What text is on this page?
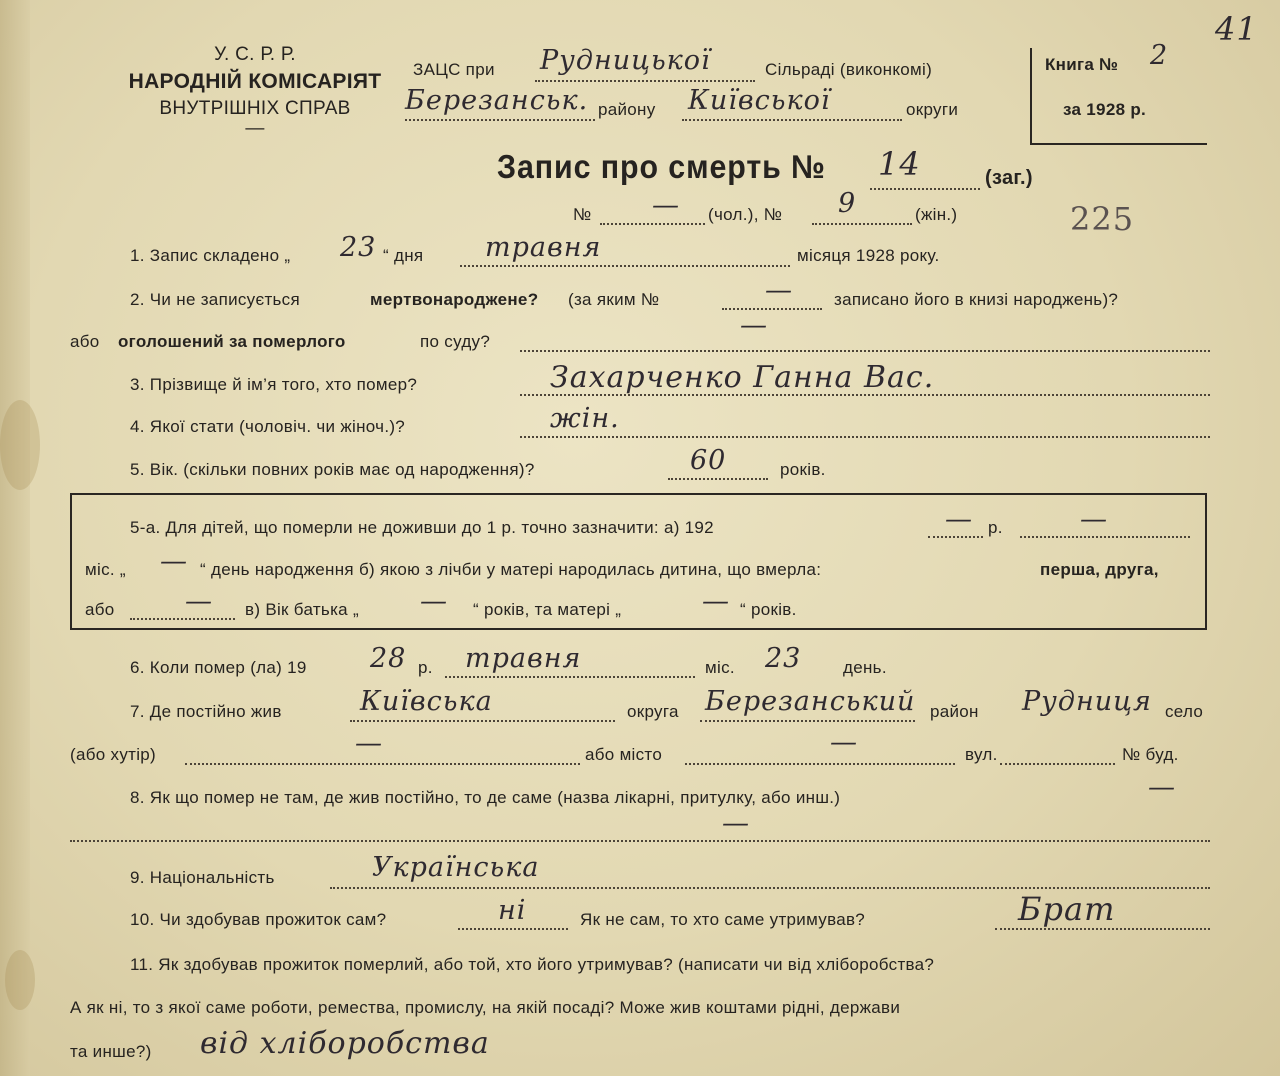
У. С. Р. Р.
НАРОДНІЙ КОМІСАРІЯТ
ВНУТРІШНІХ СПРАВ
—
ЗАЦС при Рудницької	Сільраді (виконкомі)
Березанськ. району Київської	округи
Книга № 2
за 1928 р.
41
Запис про смерть № 14	(заг.)
№ — (чол.), № 9	(жін.)	225
1. Запис складено „ 23 “ дня травня	місяця 1928 року.
2. Чи не записується	мертвонароджене? (за яким №	— записано його в книзі народжень)?
або оголошений за померлого	по суду?
—
3. Прізвище й ім’я того, хто помер?	Захарченко Ганна Вас.
4. Якої стати (чоловіч. чи жіноч.)?	жін.
5. Вік. (скільки повних років має од народження)?	60	років.
5-а. Для дітей, що померли не доживши до 1 р. точно зазначити: а) 192	— р.	—
міс. „ — “ день народження б) якою з лічби у матері народилась дитина, що вмерла:	перша, друга,
або	— в) Вік батька „ — “ років, та матері „	— “ років.
6. Коли помер (ла) 19 28 р. травня	міс. 23 день.
7. Де постійно жив	Київська	округа Березанський район Рудниця село
(або хутір)	—	або місто	—	вул.	№ буд.
8. Як що помер не там, де жив постійно, то де саме (назва лікарні, притулку, або инш.)	—
—
9. Національність	Українська
10. Чи здобував прожиток сам?	ні	Як не сам, то хто саме утримував?	Брат
11. Як здобував прожиток померлий, або той, хто його утримував? (написати чи від хліборобства?
А як ні, то з якої саме роботи, ремества, промислу, на якій посаді? Може жив коштами рідні, держави
та инше?) від хліборобства
